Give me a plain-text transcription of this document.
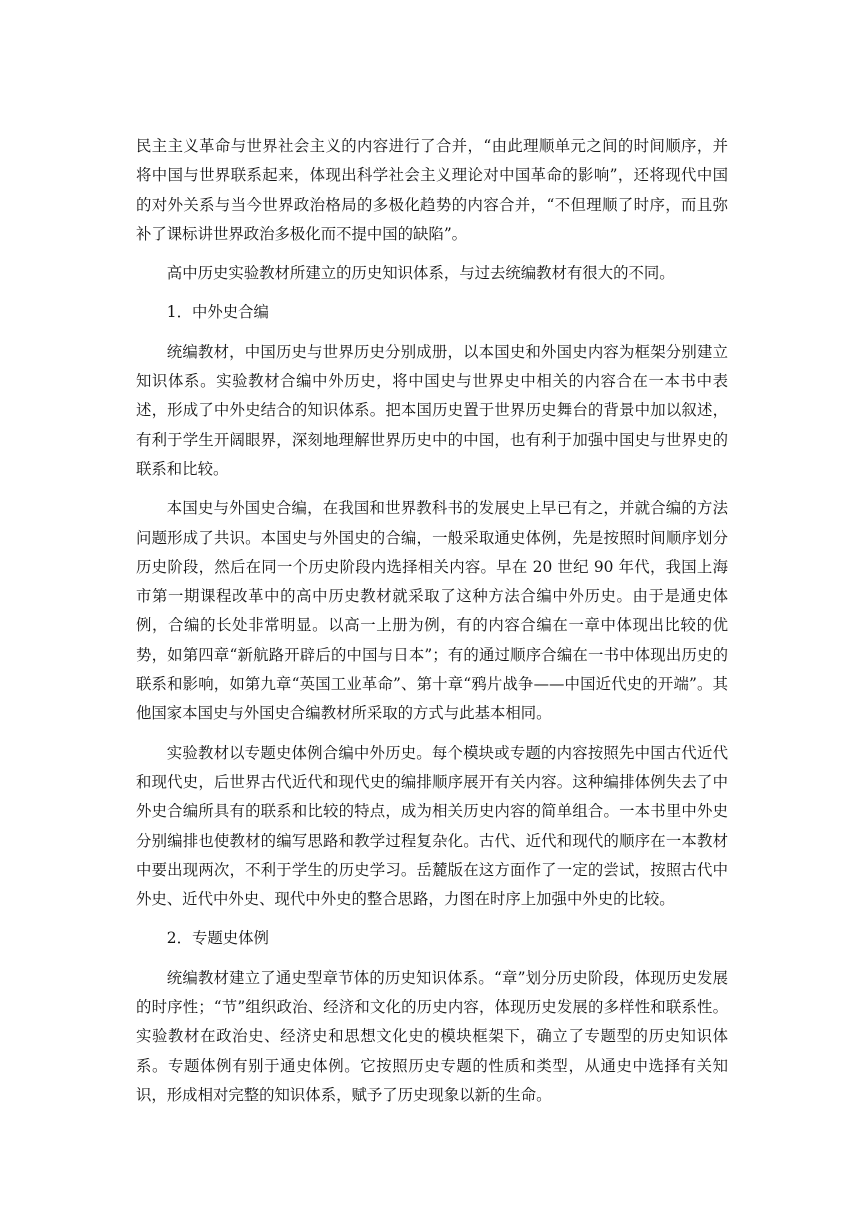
民主主义革命与世界社会主义的内容进行了合并，“由此理顺单元之间的时间顺序，并将中国与世界联系起来，体现出科学社会主义理论对中国革命的影响”，还将现代中国的对外关系与当今世界政治格局的多极化趋势的内容合并，“不但理顺了时序，而且弥补了课标讲世界政治多极化而不提中国的缺陷”。

高中历史实验教材所建立的历史知识体系，与过去统编教材有很大的不同。

1．中外史合编

统编教材，中国历史与世界历史分别成册，以本国史和外国史内容为框架分别建立知识体系。实验教材合编中外历史，将中国史与世界史中相关的内容合在一本书中表述，形成了中外史结合的知识体系。把本国历史置于世界历史舞台的背景中加以叙述，有利于学生开阔眼界，深刻地理解世界历史中的中国，也有利于加强中国史与世界史的联系和比较。

本国史与外国史合编，在我国和世界教科书的发展史上早已有之，并就合编的方法问题形成了共识。本国史与外国史的合编，一般采取通史体例，先是按照时间顺序划分历史阶段，然后在同一个历史阶段内选择相关内容。早在 20 世纪 90 年代，我国上海市第一期课程改革中的高中历史教材就采取了这种方法合编中外历史。由于是通史体例，合编的长处非常明显。以高一上册为例，有的内容合编在一章中体现出比较的优势，如第四章“新航路开辟后的中国与日本”；有的通过顺序合编在一书中体现出历史的联系和影响，如第九章“英国工业革命”、第十章“鸦片战争——中国近代史的开端”。其他国家本国史与外国史合编教材所采取的方式与此基本相同。

实验教材以专题史体例合编中外历史。每个模块或专题的内容按照先中国古代近代和现代史，后世界古代近代和现代史的编排顺序展开有关内容。这种编排体例失去了中外史合编所具有的联系和比较的特点，成为相关历史内容的简单组合。一本书里中外史分别编排也使教材的编写思路和教学过程复杂化。古代、近代和现代的顺序在一本教材中要出现两次，不利于学生的历史学习。岳麓版在这方面作了一定的尝试，按照古代中外史、近代中外史、现代中外史的整合思路，力图在时序上加强中外史的比较。

2．专题史体例

统编教材建立了通史型章节体的历史知识体系。“章”划分历史阶段，体现历史发展的时序性；“节”组织政治、经济和文化的历史内容，体现历史发展的多样性和联系性。实验教材在政治史、经济史和思想文化史的模块框架下，确立了专题型的历史知识体系。专题体例有别于通史体例。它按照历史专题的性质和类型，从通史中选择有关知识，形成相对完整的知识体系，赋予了历史现象以新的生命。
